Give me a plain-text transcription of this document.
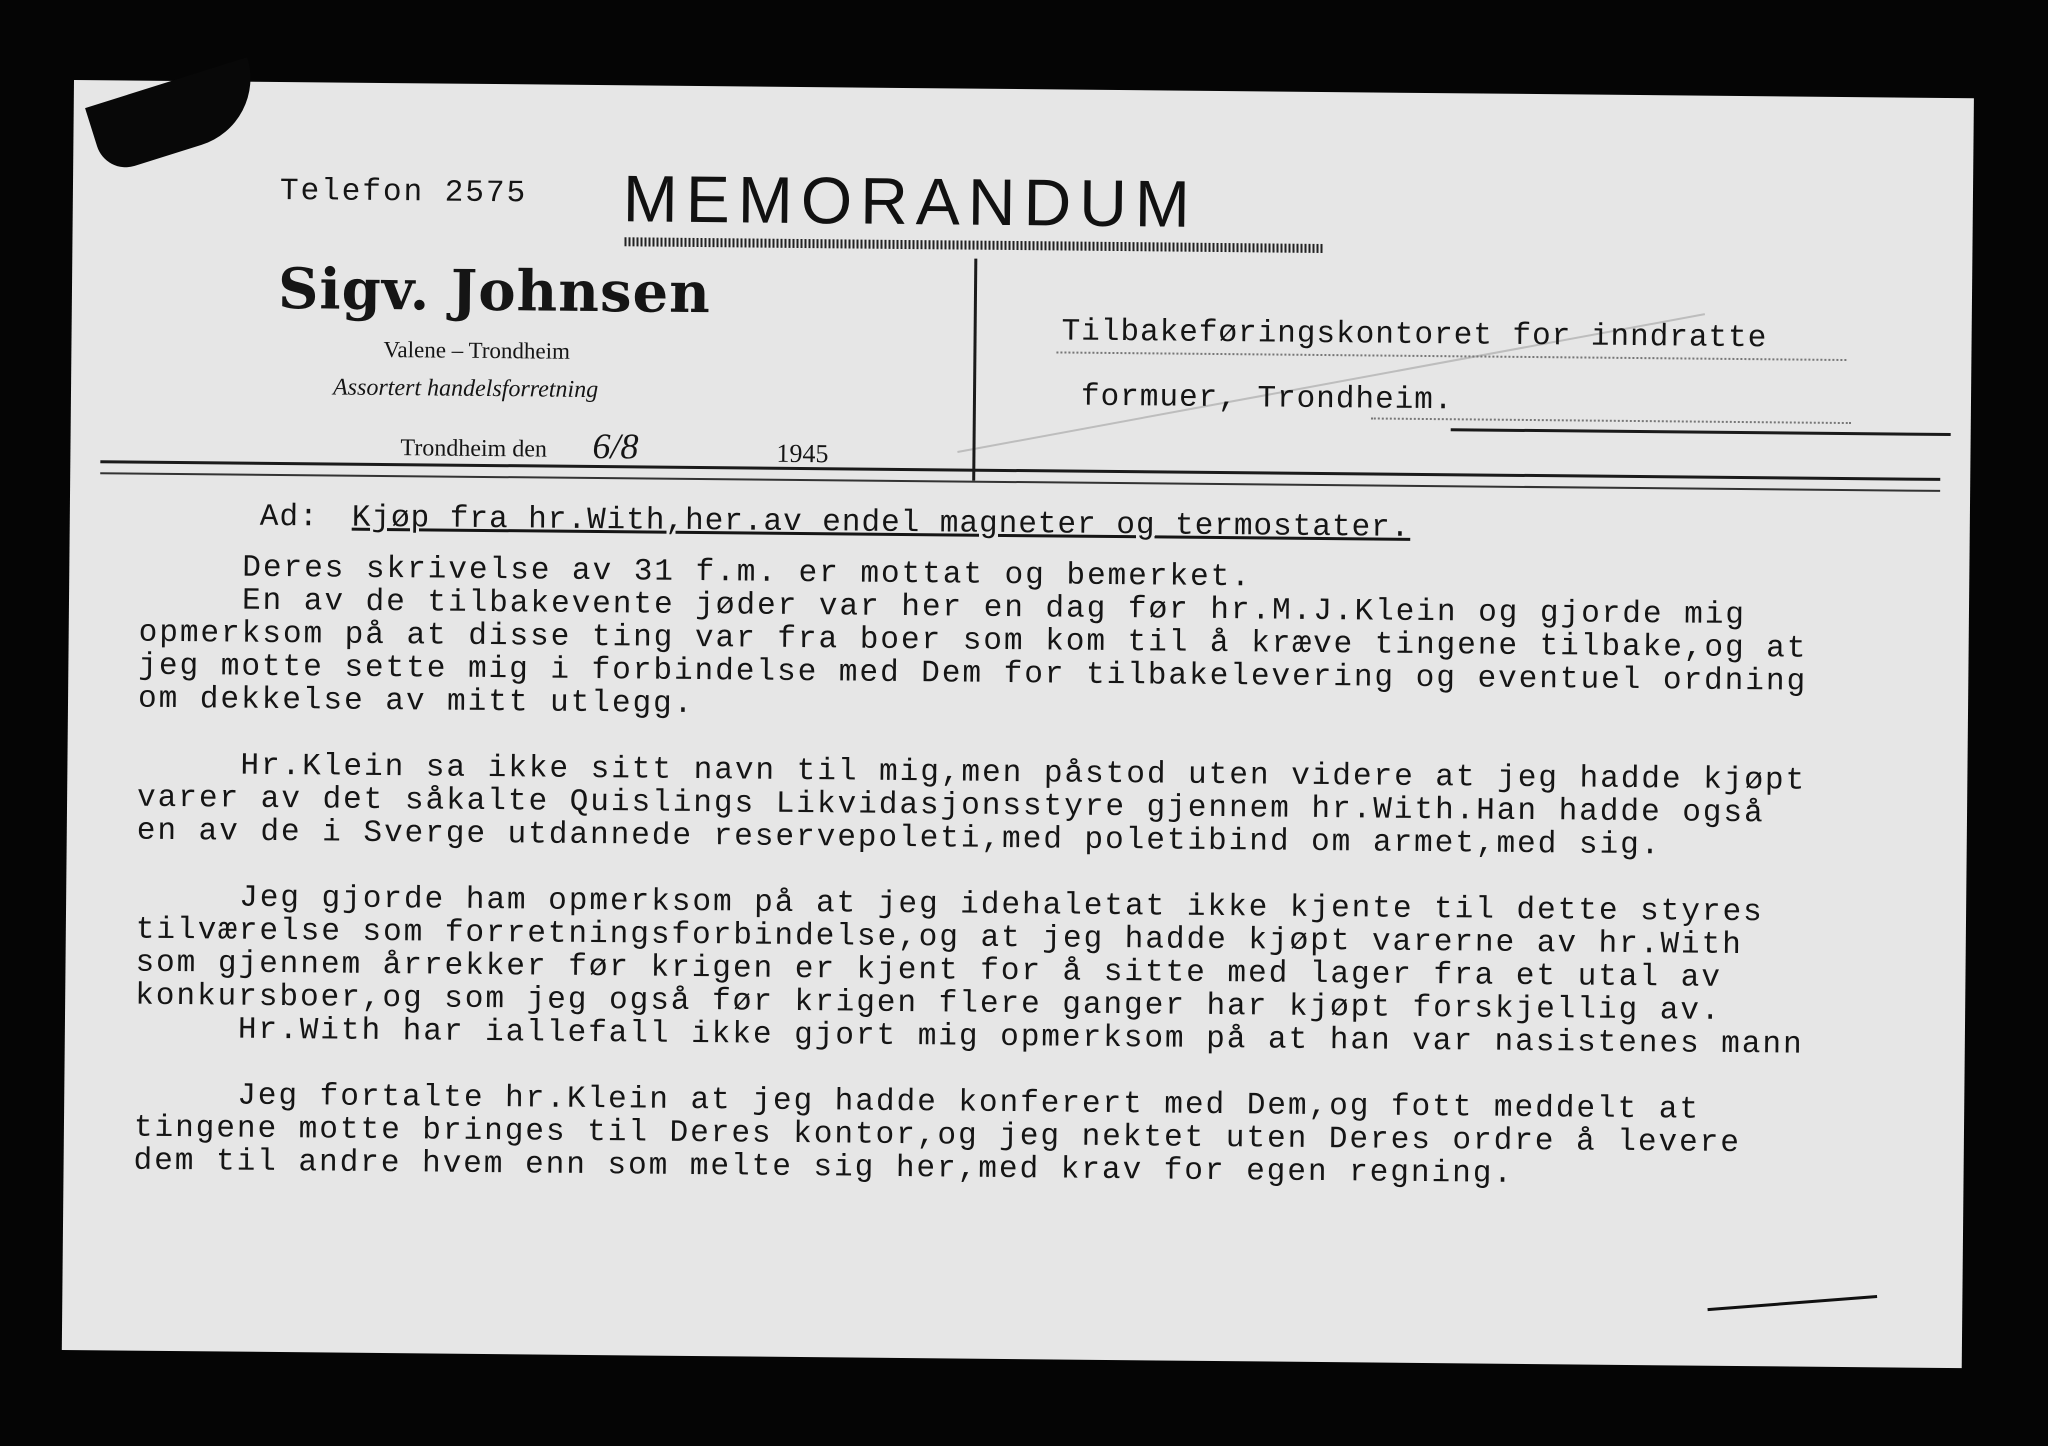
Telefon 2575 MEMORANDUM
Sigv. Johnsen
Valene – Trondheim
Assortert handelsforretning
Trondheim den 6/8	1945
Tilbakeføringskontoret for inndratte
formuer, Trondheim.
Ad: Kjøp fra hr.With,her.av endel magneter og termostater.

Deres skrivelse av 31 f.m. er mottat og bemerket.
En av de tilbakevente jøder var her en dag før hr.M.J.Klein og gjorde mig
opmerksom på at disse ting var fra boer som kom til å kræve tingene tilbake,og at
jeg motte sette mig i forbindelse med Dem for tilbakelevering og eventuel ordning
om dekkelse av mitt utlegg.

Hr.Klein sa ikke sitt navn til mig,men påstod uten videre at jeg hadde kjøpt
varer av det såkalte Quislings Likvidasjonsstyre gjennem hr.With.Han hadde også
en av de i Sverge utdannede reservepoleti,med poletibind om armet,med sig.

Jeg gjorde ham opmerksom på at jeg idehaletat ikke kjente til dette styres
tilværelse som forretningsforbindelse,og at jeg hadde kjøpt varerne av hr.With
som gjennem årrekker før krigen er kjent for å sitte med lager fra et utal av
konkursboer,og som jeg også før krigen flere ganger har kjøpt forskjellig av.
Hr.With har iallefall ikke gjort mig opmerksom på at han var nasistenes mann

Jeg fortalte hr.Klein at jeg hadde konferert med Dem,og fott meddelt at
tingene motte bringes til Deres kontor,og jeg nektet uten Deres ordre å levere
dem til andre hvem enn som melte sig her,med krav for egen regning.
